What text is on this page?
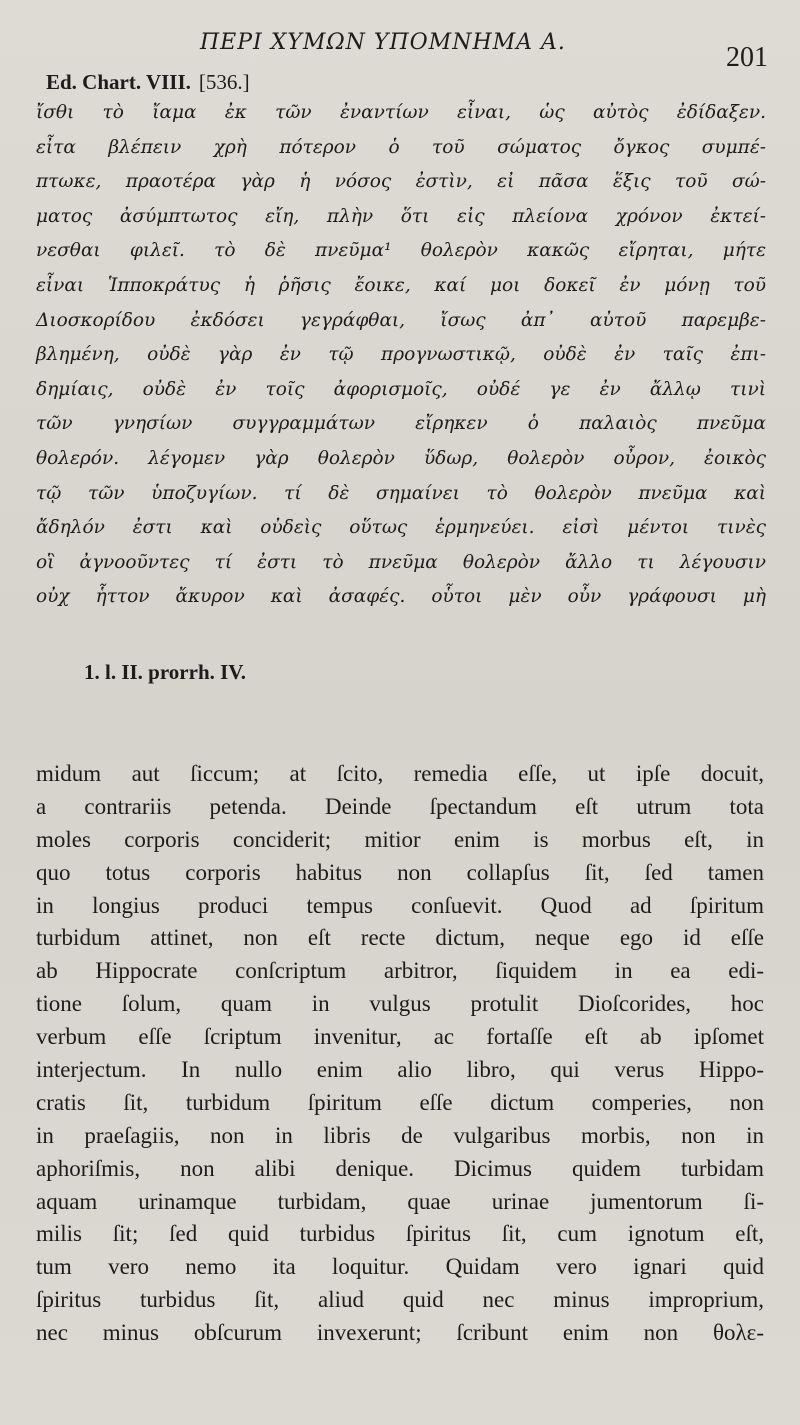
ΠΕΡΙ ΧΥΜΩΝ ΥΠΟΜΝΗΜΑ Α.	201
Ed. Chart. VIII. [536.]
ἴσθι τὸ ἴαμα ἐκ τῶν ἐναντίων εἶναι, ὡς αὐτὸς ἐδίδαξεν.
εἶτα βλέπειν χρὴ πότερον ὁ τοῦ σώματος ὄγκος συμπέ-
πτωκε, πραοτέρα γὰρ ἡ νόσος ἐστὶν, εἰ πᾶσα ἕξις τοῦ σώ-
ματος ἀσύμπτωτος εἴη, πλὴν ὅτι εἰς πλείονα χρόνον ἐκτεί-
νεσθαι φιλεῖ. τὸ δὲ πνεῦμα¹ θολερὸν κακῶς εἴρηται, μήτε
εἶναι Ἱπποκράτυς ἡ ῥῆσις ἔοικε, καί μοι δοκεῖ ἐν μόνῃ τοῦ
Διοσκορίδου ἐκδόσει γεγράφθαι, ἴσως ἀπ᾽ αὐτοῦ παρεμβε-
βλημένη, οὐδὲ γὰρ ἐν τῷ προγνωστικῷ, οὐδὲ ἐν ταῖς ἐπι-
δημίαις, οὐδὲ ἐν τοῖς ἀφορισμοῖς, οὐδέ γε ἐν ἄλλῳ τινὶ
τῶν γνησίων συγγραμμάτων εἴρηκεν ὁ παλαιὸς πνεῦμα
θολερόν. λέγομεν γὰρ θολερὸν ὕδωρ, θολερὸν οὖρον, ἐοικὸς
τῷ τῶν ὑποζυγίων. τί δὲ σημαίνει τὸ θολερὸν πνεῦμα καὶ
ἄδηλόν ἐστι καὶ οὐδεὶς οὕτως ἑρμηνεύει. εἰσὶ μέντοι τινὲς
οἳ ἀγνοοῦντες τί ἐστι τὸ πνεῦμα θολερὸν ἄλλο τι λέγουσιν
οὐχ ἧττον ἄκυρον καὶ ἀσαφές. οὗτοι μὲν οὖν γράφουσι μὴ
1. l. II. prorrh. IV.
midum aut ſiccum; at ſcito, remedia eſſe, ut ipſe docuit,
a contrariis petenda. Deinde ſpectandum eſt utrum tota
moles corporis conciderit; mitior enim is morbus eſt, in
quo totus corporis habitus non collapſus ſit, ſed tamen
in longius produci tempus conſuevit. Quod ad ſpiritum
turbidum attinet, non eſt recte dictum, neque ego id eſſe
ab Hippocrate conſcriptum arbitror, ſiquidem in ea edi-
tione ſolum, quam in vulgus protulit Dioſcorides, hoc
verbum eſſe ſcriptum invenitur, ac fortaſſe eſt ab ipſomet
interjectum. In nullo enim alio libro, qui verus Hippo-
cratis ſit, turbidum ſpiritum eſſe dictum comperies, non
in praeſagiis, non in libris de vulgaribus morbis, non in
aphoriſmis, non alibi denique. Dicimus quidem turbidam
aquam urinamque turbidam, quae urinae jumentorum ſi-
milis ſit; ſed quid turbidus ſpiritus ſit, cum ignotum eſt,
tum vero nemo ita loquitur. Quidam vero ignari quid
ſpiritus turbidus ſit, aliud quid nec minus improprium,
nec minus obſcurum invexerunt; ſcribunt enim non θολε-
